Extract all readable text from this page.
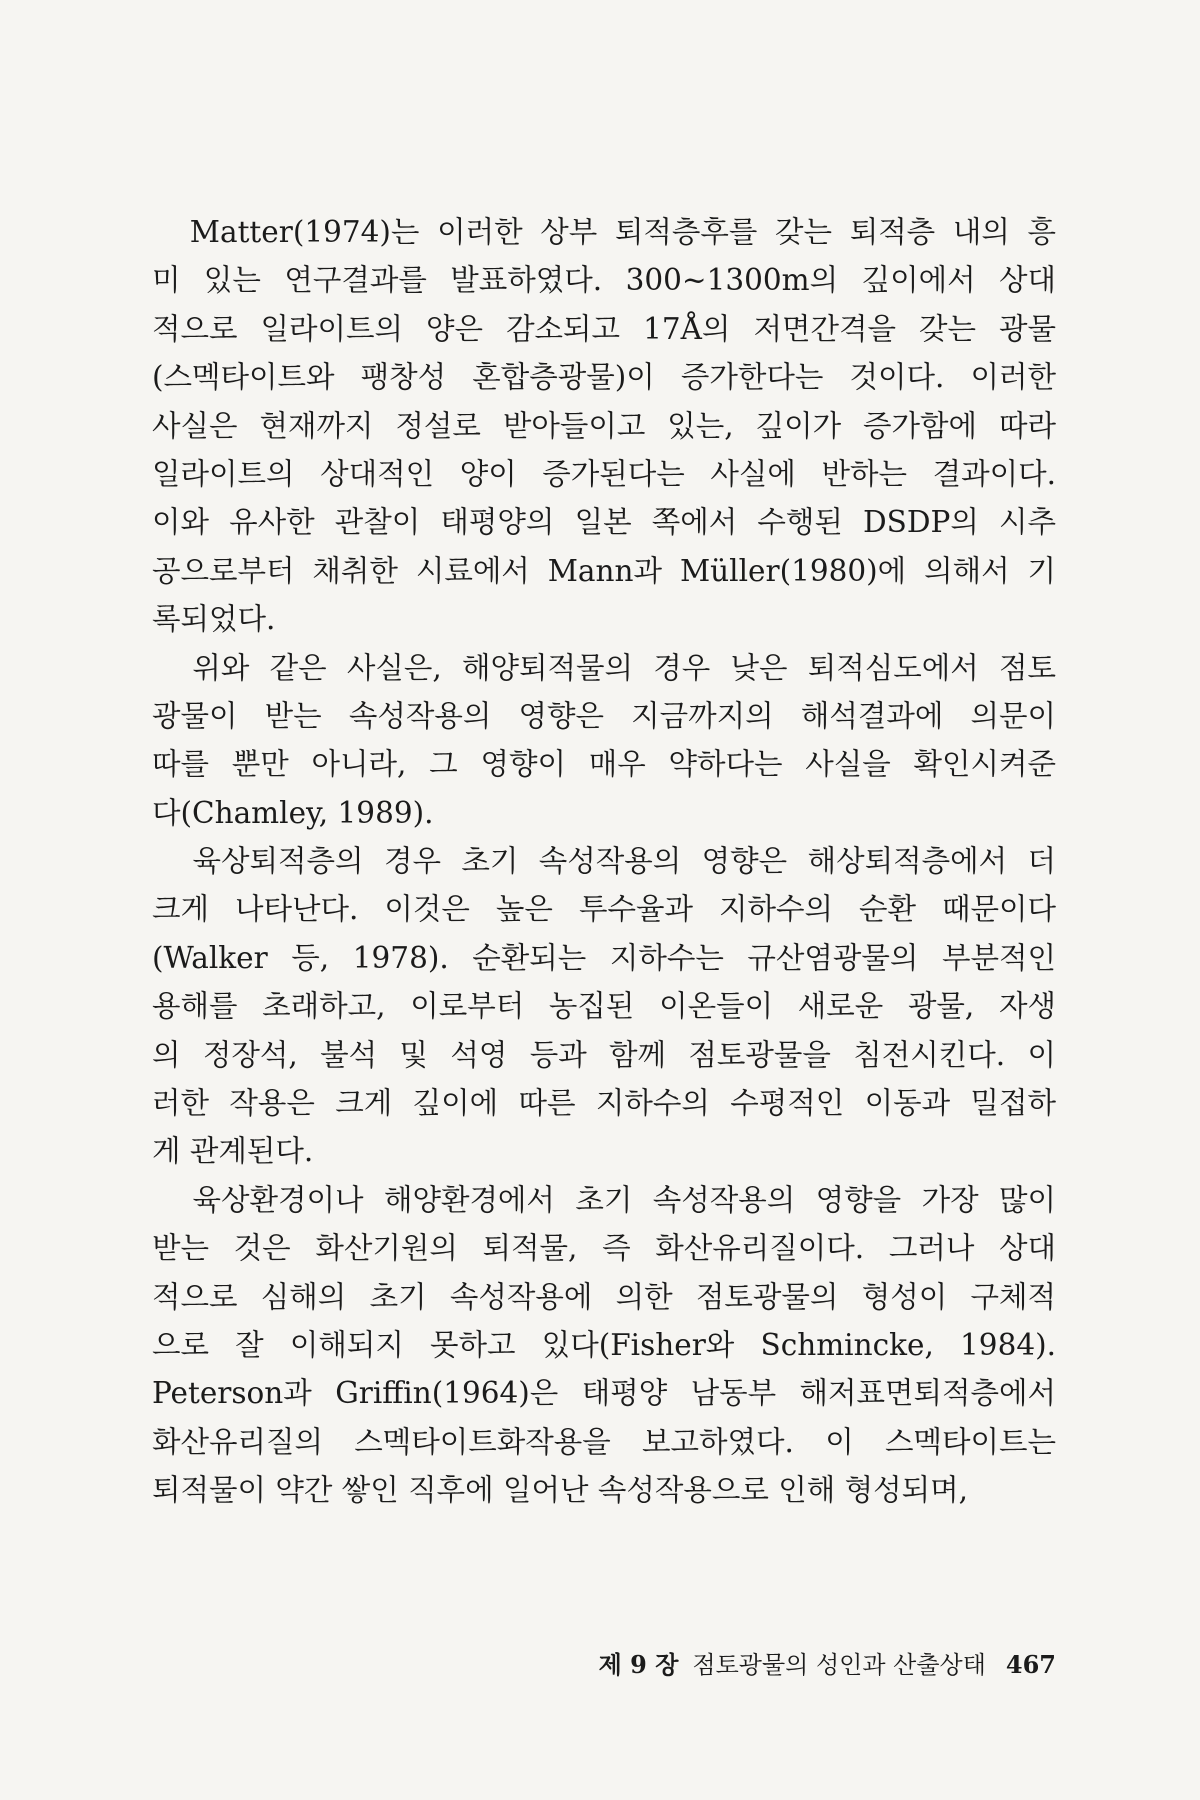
　Matter(1974)는 이러한 상부 퇴적층후를 갖는 퇴적층 내의 흥
미 있는 연구결과를 발표하였다. 300∼1300m의 깊이에서 상대
적으로 일라이트의 양은 감소되고 17Å의 저면간격을 갖는 광물
(스멕타이트와 팽창성 혼합층광물)이 증가한다는 것이다. 이러한
사실은 현재까지 정설로 받아들이고 있는, 깊이가 증가함에 따라
일라이트의 상대적인 양이 증가된다는 사실에 반하는 결과이다.
이와 유사한 관찰이 태평양의 일본 쪽에서 수행된 DSDP의 시추
공으로부터 채취한 시료에서 Mann과 Müller(1980)에 의해서 기
록되었다.
　위와 같은 사실은, 해양퇴적물의 경우 낮은 퇴적심도에서 점토
광물이 받는 속성작용의 영향은 지금까지의 해석결과에 의문이
따를 뿐만 아니라, 그 영향이 매우 약하다는 사실을 확인시켜준
다(Chamley, 1989).
　육상퇴적층의 경우 초기 속성작용의 영향은 해상퇴적층에서 더
크게 나타난다. 이것은 높은 투수율과 지하수의 순환 때문이다
(Walker 등, 1978). 순환되는 지하수는 규산염광물의 부분적인
용해를 초래하고, 이로부터 농집된 이온들이 새로운 광물, 자생
의 정장석, 불석 및 석영 등과 함께 점토광물을 침전시킨다. 이
러한 작용은 크게 깊이에 따른 지하수의 수평적인 이동과 밀접하
게 관계된다.
　육상환경이나 해양환경에서 초기 속성작용의 영향을 가장 많이
받는 것은 화산기원의 퇴적물, 즉 화산유리질이다. 그러나 상대
적으로 심해의 초기 속성작용에 의한 점토광물의 형성이 구체적
으로 잘 이해되지 못하고 있다(Fisher와 Schmincke, 1984).
Peterson과 Griffin(1964)은 태평양 남동부 해저표면퇴적층에서
화산유리질의 스멕타이트화작용을 보고하였다. 이 스멕타이트는
퇴적물이 약간 쌓인 직후에 일어난 속성작용으로 인해 형성되며,
제 9 장 점토광물의 성인과 산출상태 467
